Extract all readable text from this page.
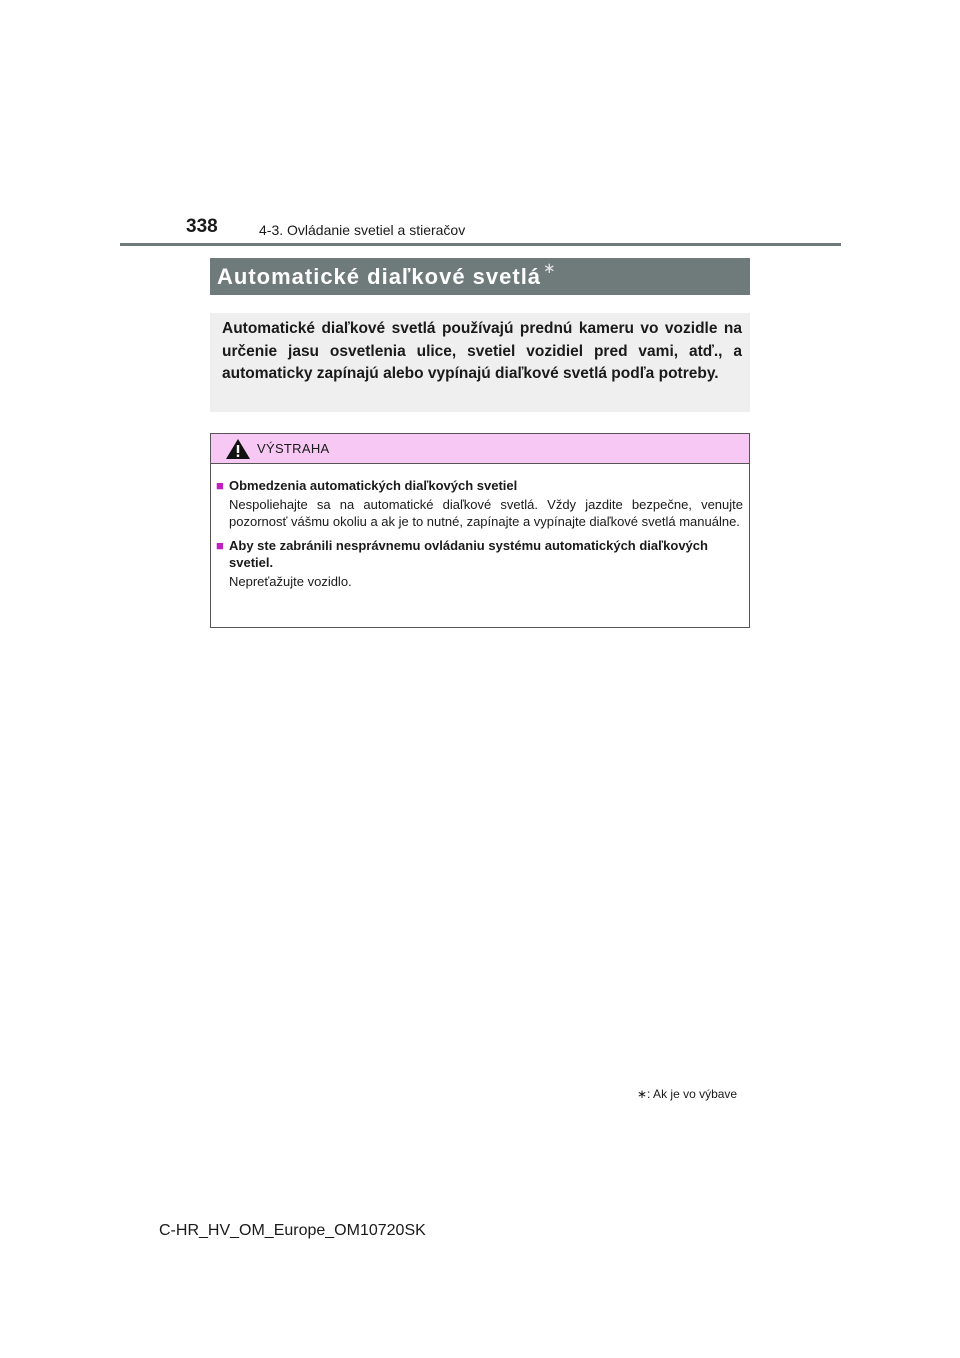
338	4-3. Ovládanie svetiel a stieračov
Automatické diaľkové svetlá ∗

Automatické diaľkové svetlá používajú prednú kameru vo vozidle na určenie jasu osvetlenia ulice, svetiel vozidiel pred vami, atď., a automaticky zapínajú alebo vypínajú diaľkové svetlá podľa potreby.

VÝSTRAHA
■ Obmedzenia automatických diaľkových svetiel

Nespoliehajte sa na automatické diaľkové svetlá. Vždy jazdite bezpečne, venujte pozornosť vášmu okoliu a ak je to nutné, zapínajte a vypínajte diaľkové svetlá manuálne.

■ Aby ste zabránili nesprávnemu ovládaniu systému automatických diaľkových svetiel.

Nepreťažujte vozidlo.

∗: Ak je vo výbave
C-HR_HV_OM_Europe_OM10720SK
